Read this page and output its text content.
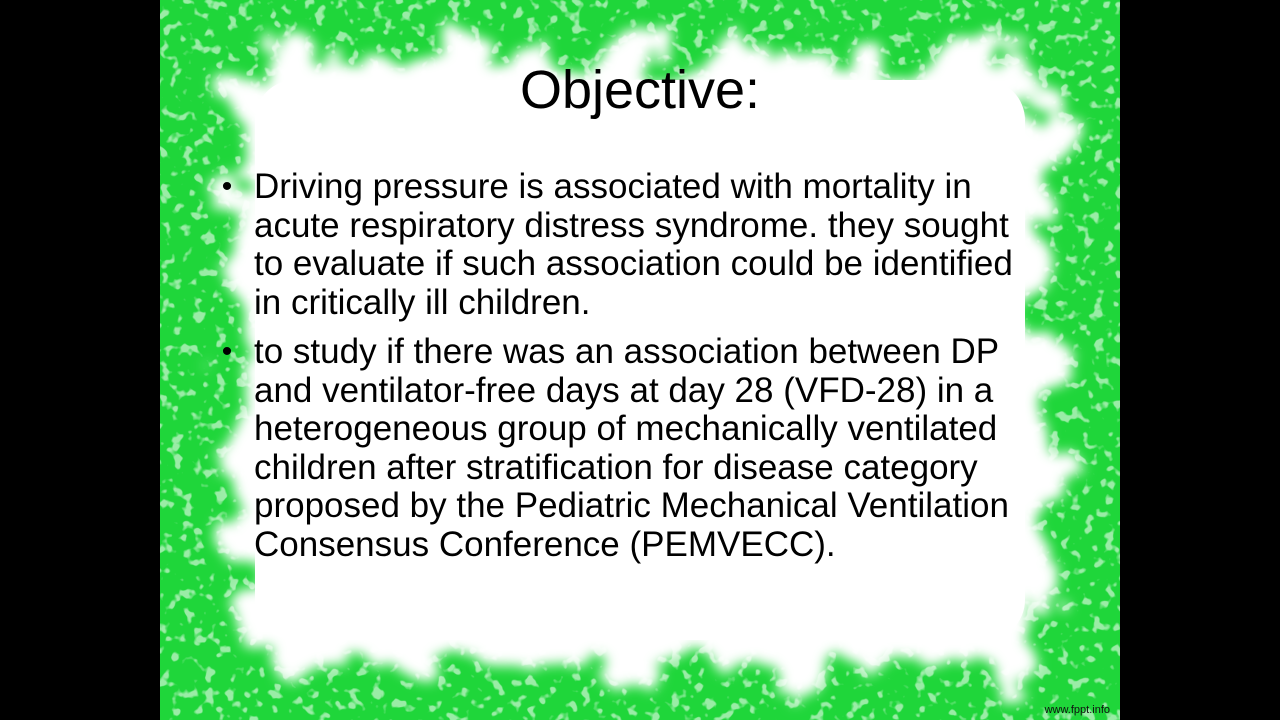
Objective:
• Driving pressure is associated with mortality in acute respiratory distress syndrome. they sought to evaluate if such association could be identified in critically ill children.
• to study if there was an association between DP and ventilator-free days at day 28 (VFD-28) in a heterogeneous group of mechanically ventilated children after stratification for disease category proposed by the Pediatric Mechanical Ventilation Consensus Conference (PEMVECC).
www.fppt.info
